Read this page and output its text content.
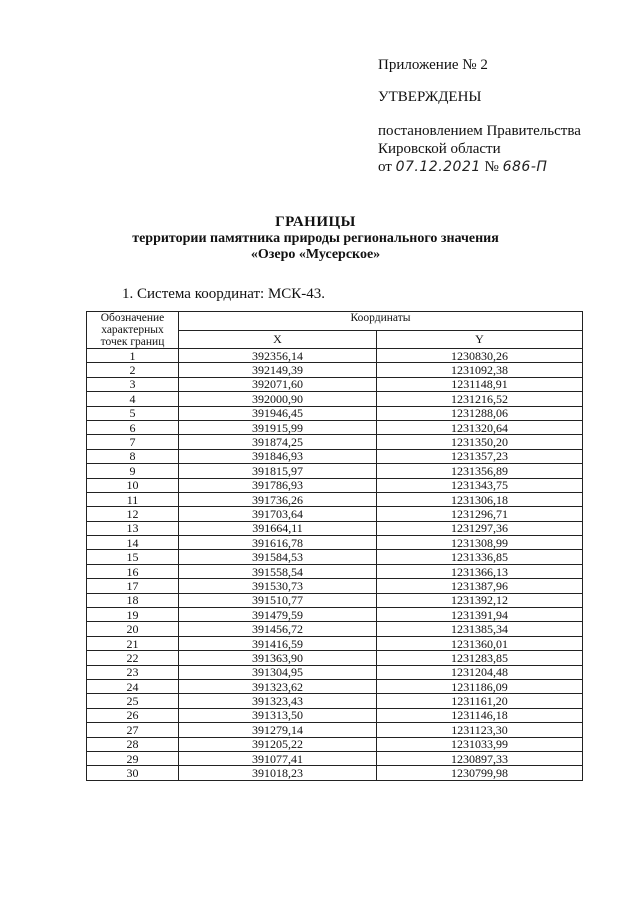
Приложение № 2
УТВЕРЖДЕНЫ
постановлением Правительства
Кировской области
от 07.12.2021 № 686-П
ГРАНИЦЫ
территории памятника природы регионального значения
«Озеро «Мусерское»
1. Система координат: МСК-43.
Обозначение характерных точек границ	Координаты	
	X	Y
1	392356,14	1230830,26
2	392149,39	1231092,38
3	392071,60	1231148,91
4	392000,90	1231216,52
5	391946,45	1231288,06
6	391915,99	1231320,64
7	391874,25	1231350,20
8	391846,93	1231357,23
9	391815,97	1231356,89
10	391786,93	1231343,75
11	391736,26	1231306,18
12	391703,64	1231296,71
13	391664,11	1231297,36
14	391616,78	1231308,99
15	391584,53	1231336,85
16	391558,54	1231366,13
17	391530,73	1231387,96
18	391510,77	1231392,12
19	391479,59	1231391,94
20	391456,72	1231385,34
21	391416,59	1231360,01
22	391363,90	1231283,85
23	391304,95	1231204,48
24	391323,62	1231186,09
25	391323,43	1231161,20
26	391313,50	1231146,18
27	391279,14	1231123,30
28	391205,22	1231033,99
29	391077,41	1230897,33
30	391018,23	1230799,98
